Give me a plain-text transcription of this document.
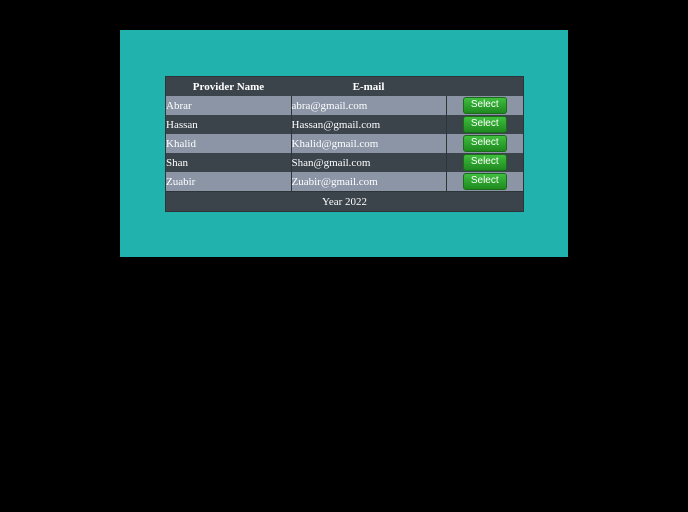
Provider Name	E-mail	
Abrar	abra@gmail.com	Select
Hassan	Hassan@gmail.com	Select
Khalid	Khalid@gmail.com	Select
Shan	Shan@gmail.com	Select
Zuabir	Zuabir@gmail.com	Select
Year 2022		
